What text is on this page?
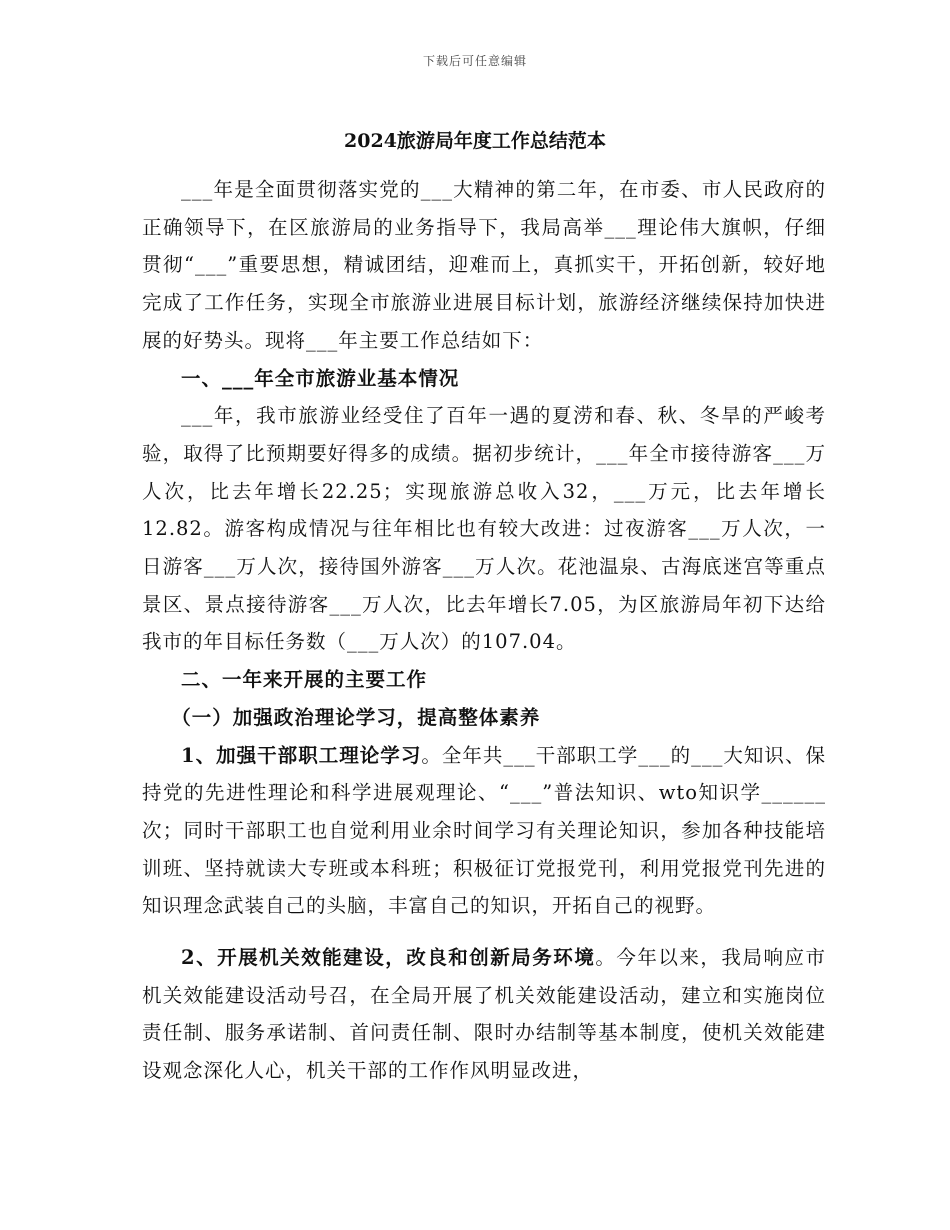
下载后可任意编辑
2024旅游局年度工作总结范本

___年是全面贯彻落实党的___大精神的第二年，在市委、市人民政府的正确领导下，在区旅游局的业务指导下，我局高举___理论伟大旗帜，仔细贯彻“___”重要思想，精诚团结，迎难而上，真抓实干，开拓创新，较好地完成了工作任务，实现全市旅游业进展目标计划，旅游经济继续保持加快进展的好势头。现将___年主要工作总结如下：

一、___年全市旅游业基本情况

___年，我市旅游业经受住了百年一遇的夏涝和春、秋、冬旱的严峻考验，取得了比预期要好得多的成绩。据初步统计，___年全市接待游客___万人次，比去年增长22.25；实现旅游总收入32，___万元，比去年增长12.82。游客构成情况与往年相比也有较大改进：过夜游客___万人次，一日游客___万人次，接待国外游客___万人次。花池温泉、古海底迷宫等重点景区、景点接待游客___万人次，比去年增长7.05，为区旅游局年初下达给我市的年目标任务数（___万人次）的107.04。

二、一年来开展的主要工作

（一）加强政治理论学习，提高整体素养

1、加强干部职工理论学习。全年共___干部职工学___的___大知识、保持党的先进性理论和科学进展观理论、“___”普法知识、wto知识学______次；同时干部职工也自觉利用业余时间学习有关理论知识，参加各种技能培训班、坚持就读大专班或本科班；积极征订党报党刊，利用党报党刊先进的知识理念武装自己的头脑，丰富自己的知识，开拓自己的视野。

2、开展机关效能建设，改良和创新局务环境。今年以来，我局响应市机关效能建设活动号召，在全局开展了机关效能建设活动，建立和实施岗位责任制、服务承诺制、首问责任制、限时办结制等基本制度，使机关效能建设观念深化人心，机关干部的工作作风明显改进，
